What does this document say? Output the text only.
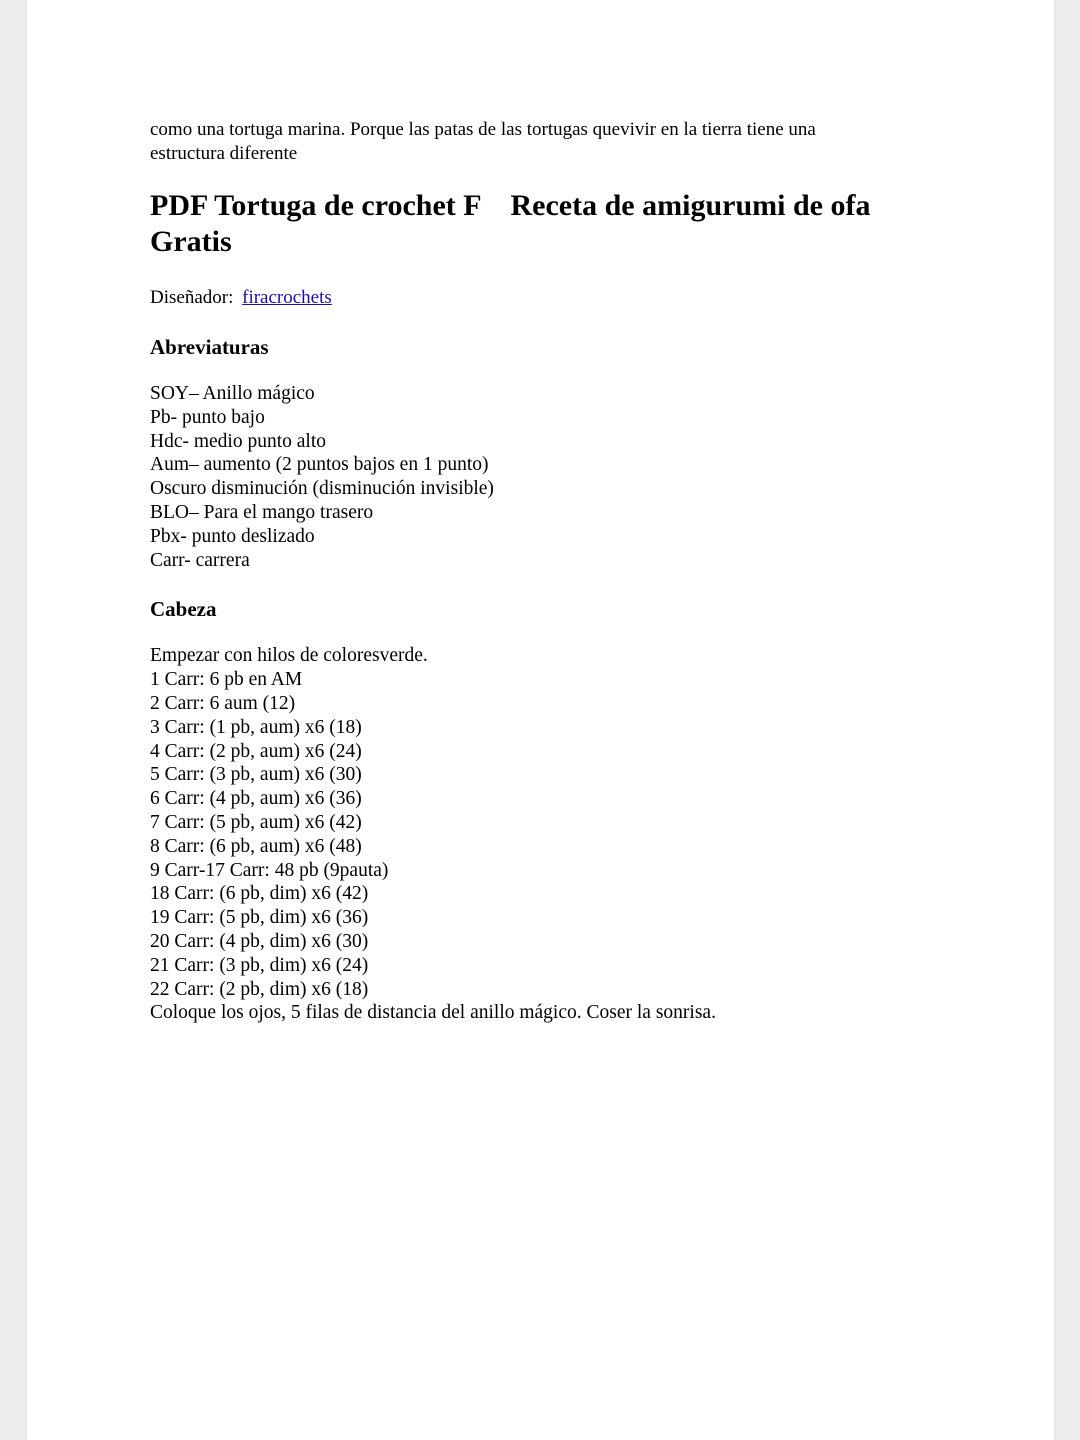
como una tortuga marina. Porque las patas de las tortugas quevivir en la tierra tiene una
estructura diferente

PDF Tortuga de crochet F    Receta de amigurumi de ofa
Gratis

Diseñador: firacrochets

Abreviaturas
SOY– Anillo mágico
Pb- punto bajo
Hdc- medio punto alto
Aum– aumento (2 puntos bajos en 1 punto)
Oscuro disminución (disminución invisible)
BLO– Para el mango trasero
Pbx- punto deslizado
Carr- carrera
Cabeza
Empezar con hilos de coloresverde.
1 Carr: 6 pb en AM
2 Carr: 6 aum (12)
3 Carr: (1 pb, aum) x6 (18)
4 Carr: (2 pb, aum) x6 (24)
5 Carr: (3 pb, aum) x6 (30)
6 Carr: (4 pb, aum) x6 (36)
7 Carr: (5 pb, aum) x6 (42)
8 Carr: (6 pb, aum) x6 (48)
9 Carr-17 Carr: 48 pb (9pauta)
18 Carr: (6 pb, dim) x6 (42)
19 Carr: (5 pb, dim) x6 (36)
20 Carr: (4 pb, dim) x6 (30)
21 Carr: (3 pb, dim) x6 (24)
22 Carr: (2 pb, dim) x6 (18)
Coloque los ojos, 5 filas de distancia del anillo mágico. Coser la sonrisa.
